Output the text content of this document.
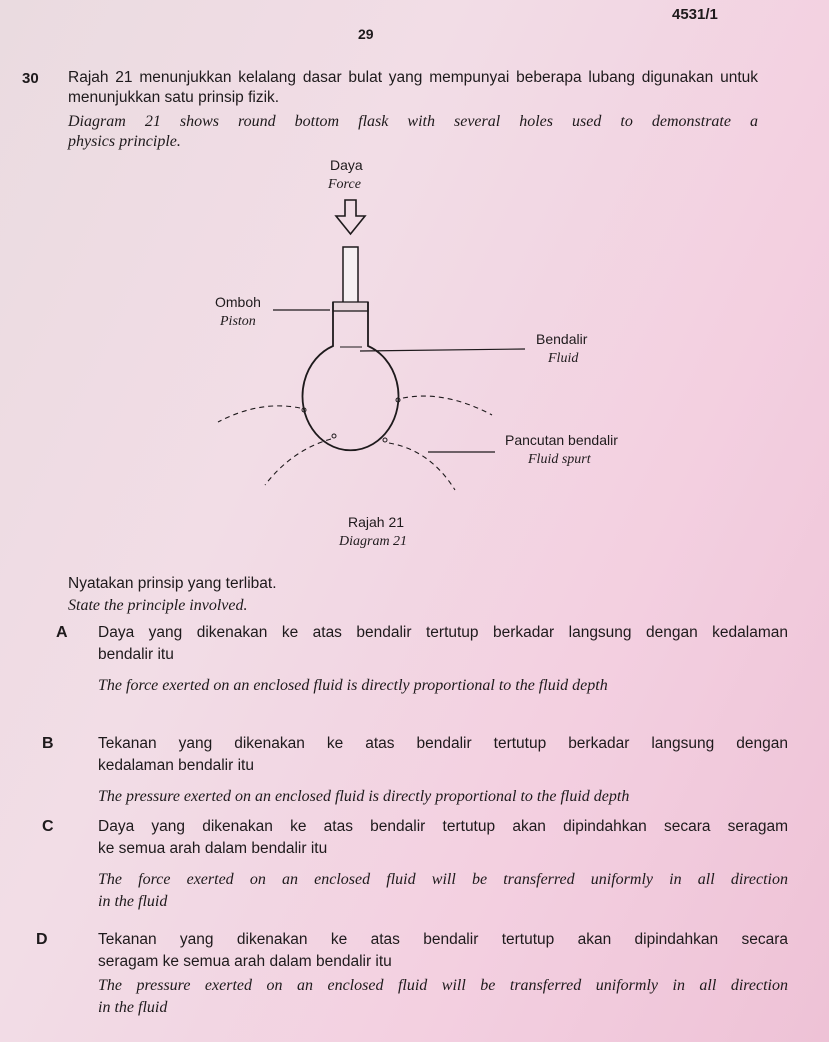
4531/1
29
30 Rajah 21 menunjukkan kelalang dasar bulat yang mempunyai beberapa lubang digunakan untuk
menunjukkan satu prinsip fizik.
Diagram 21 shows round bottom flask with several holes used to demonstrate a
physics principle.
Daya
Force
Omboh
Piston
Bendalir
Fluid
Pancutan bendalir
Fluid spurt
Rajah 21
Diagram 21
Nyatakan prinsip yang terlibat.
State the principle involved.
A Daya yang dikenakan ke atas bendalir tertutup berkadar langsung dengan kedalaman
bendalir itu
The force exerted on an enclosed fluid is directly proportional to the fluid depth
B	Tekanan yang dikenakan ke atas bendalir tertutup berkadar langsung dengan
kedalaman bendalir itu
The pressure exerted on an enclosed fluid is directly proportional to the fluid depth
C	Daya yang dikenakan ke atas bendalir tertutup akan dipindahkan secara seragam
ke semua arah dalam bendalir itu
The force exerted on an enclosed fluid will be transferred uniformly in all direction
in the fluid
D	Tekanan yang dikenakan ke atas bendalir tertutup akan dipindahkan secara
seragam ke semua arah dalam bendalir itu
The pressure exerted on an enclosed fluid will be transferred uniformly in all direction
in the fluid
